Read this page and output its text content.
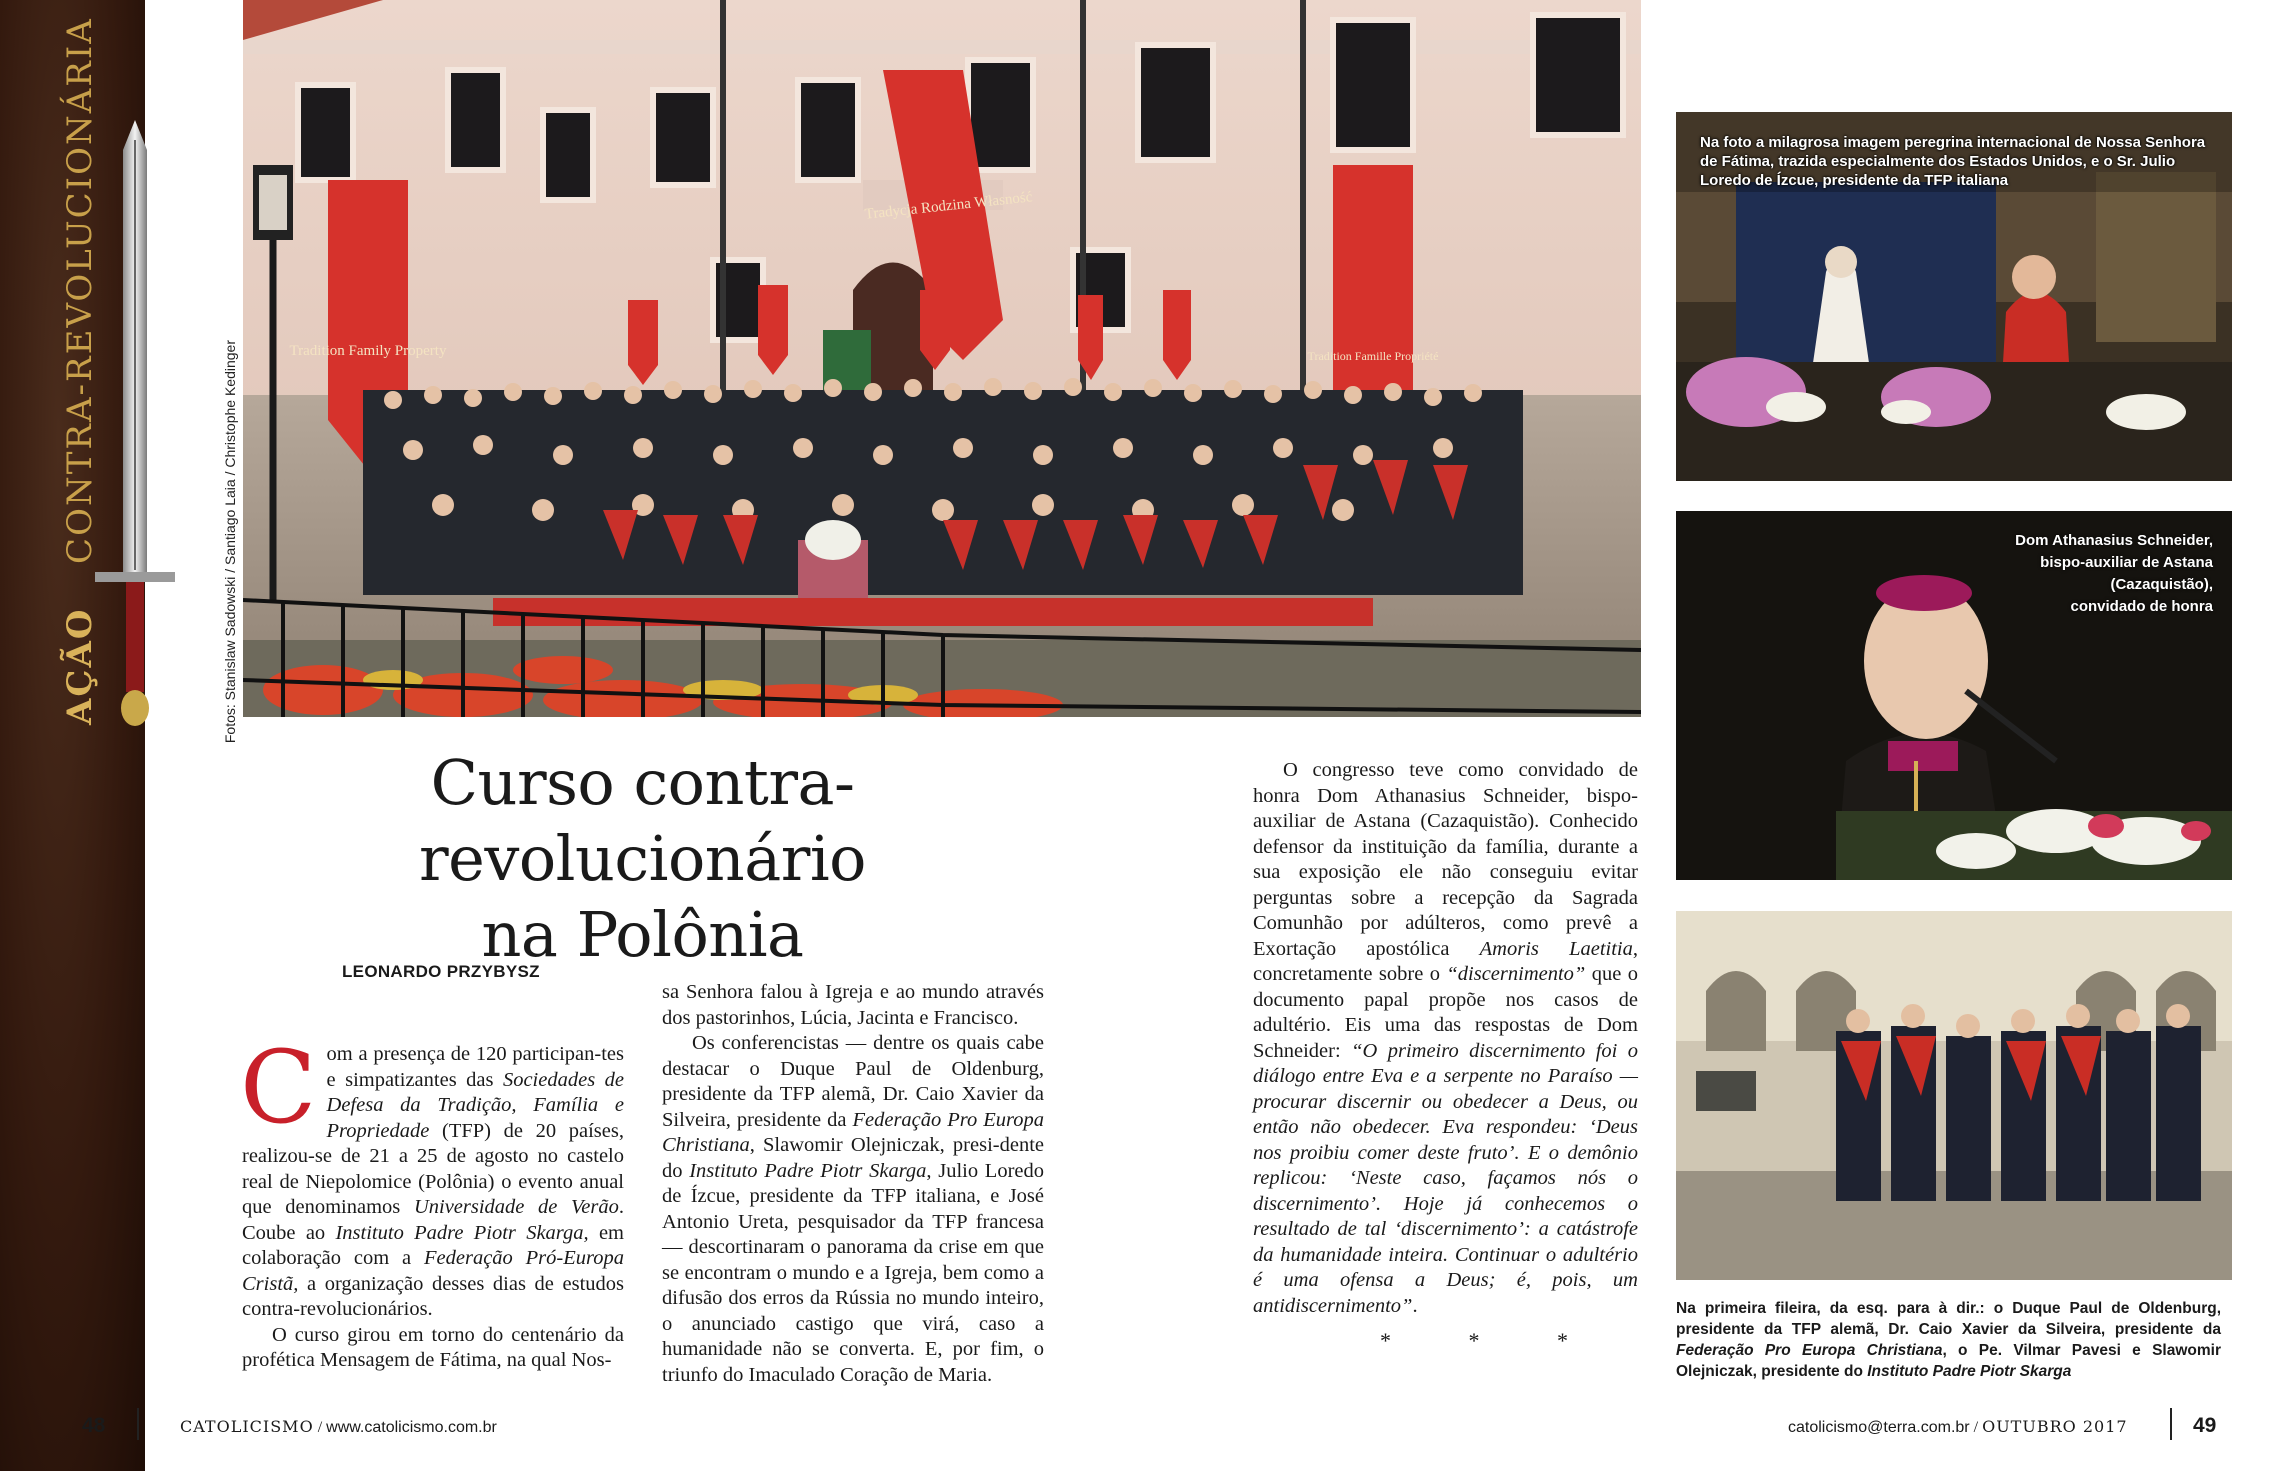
AÇÃO  CONTRA-REVOLUCIONÁRIA	Tradition Family Property
Tradycja Rodzina Własność
Tradition Famille Propriété
Fotos: Stanislaw Sadowski / Santiago Laia / Christophe Kedinger
Na foto a milagrosa imagem peregrina internacional de Nossa Senhora de Fátima, trazida especialmente dos Estados Unidos, e o Sr. Julio Loredo de Ízcue, presidente da TFP italiana
Dom Athanasius Schneider,
bispo-auxiliar de Astana
(Cazaquistão),
convidado de honra
Na primeira fileira, da esq. para à dir.: o Duque Paul de Oldenburg, presidente da TFP alemã, Dr. Caio Xavier da Silveira, presidente da Federação Pro Europa Christiana, o Pe. Vilmar Pavesi e Slawomir Olejniczak, presidente do Instituto Padre Piotr Skarga
Curso contra-revolucionário
na Polônia
LEONARDO PRZYBYSZ

Com a presença de 120 participan-tes e simpatizantes das Sociedades de Defesa da Tradição, Família e Propriedade (TFP) de 20 países, realizou-se de 21 a 25 de agosto no castelo real de Niepolomice (Polônia) o evento anual que denominamos Universidade de Verão. Coube ao Instituto Padre Piotr Skarga, em colaboração com a Federação Pró-Europa Cristã, a organização desses dias de estudos contra-revolucionários.

O curso girou em torno do centenário da profética Mensagem de Fátima, na qual Nos-

sa Senhora falou à Igreja e ao mundo através dos pastorinhos, Lúcia, Jacinta e Francisco.

Os conferencistas — dentre os quais cabe destacar o Duque Paul de Oldenburg, presidente da TFP alemã, Dr. Caio Xavier da Silveira, presidente da Federação Pro Europa Christiana, Slawomir Olejniczak, presi-dente do Instituto Padre Piotr Skarga, Julio Loredo de Ízcue, presidente da TFP italiana, e José Antonio Ureta, pesquisador da TFP francesa — descortinaram o panorama da crise em que se encontram o mundo e a Igreja, bem como a difusão dos erros da Rússia no mundo inteiro, o anunciado castigo que virá, caso a humanidade não se converta. E, por fim, o triunfo do Imaculado Coração de Maria.

O congresso teve como convidado de honra Dom Athanasius Schneider, bispo-auxiliar de Astana (Cazaquistão). Conhecido defensor da instituição da família, durante a sua exposição ele não conseguiu evitar perguntas sobre a recepção da Sagrada Comunhão por adúlteros, como prevê a Exortação apostólica Amoris Laetitia, concretamente sobre o “discernimento” que o documento papal propõe nos casos de adultério. Eis uma das respostas de Dom Schneider: “O primeiro discernimento foi o diálogo entre Eva e a serpente no Paraíso — procurar discernir ou obedecer a Deus, ou então não obedecer. Eva respondeu: ‘Deus nos proibiu comer deste fruto’. E o demônio replicou: ‘Neste caso, façamos nós o discernimento’. Hoje já conhecemos o resultado de tal ‘discernimento’: a catástrofe da humanidade inteira. Continuar o adultério é uma ofensa a Deus; é, pois, um antidiscernimento”.

* * *
48	CATOLICISMO / www.catolicismo.com.br	catolicismo@terra.com.br / OUTUBRO 2017	49
